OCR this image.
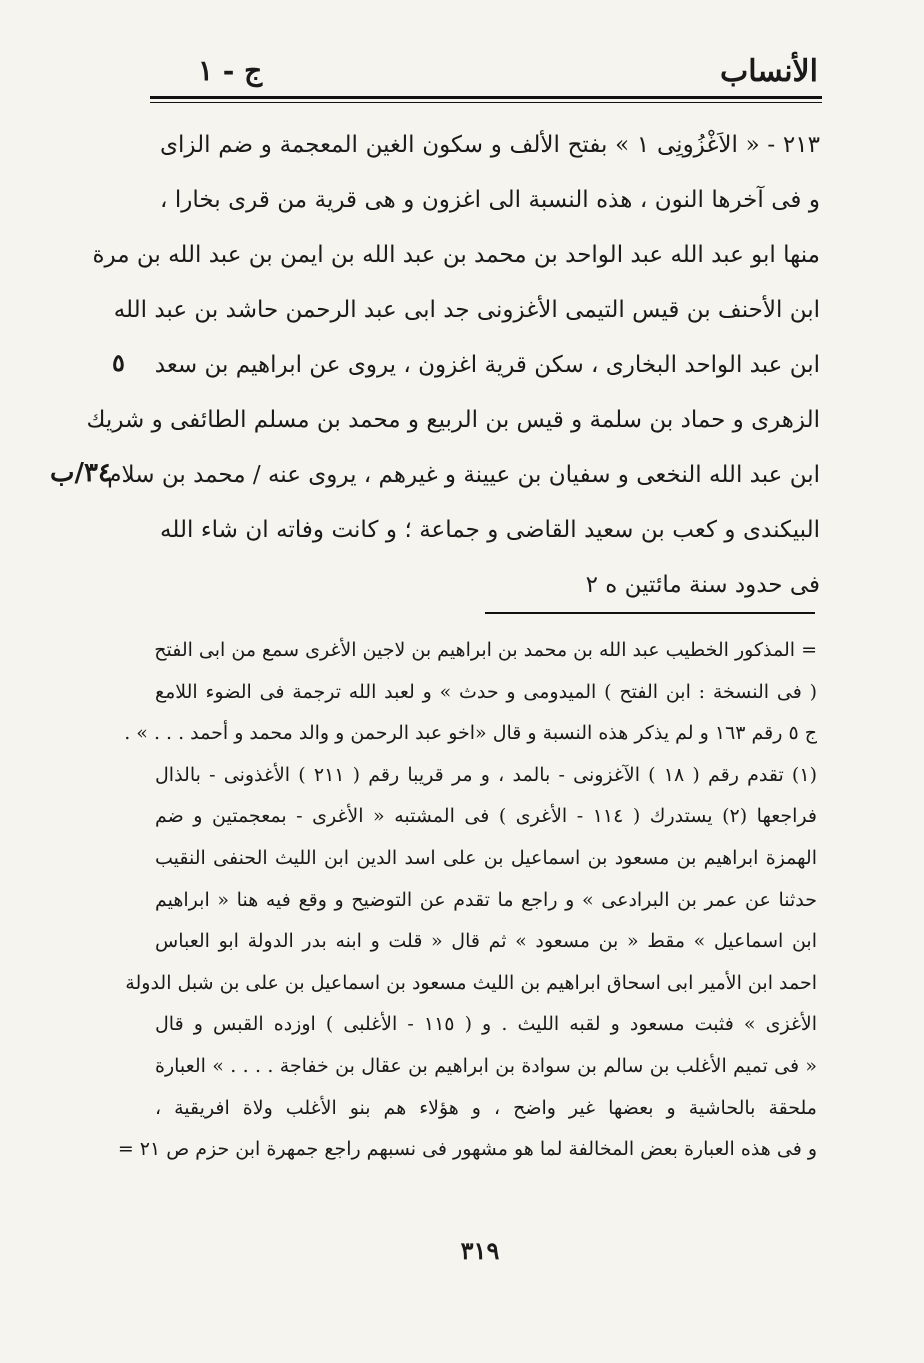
الأنساب
ج - ١
٢١٣ - « الاَغْزُونِى ١ » بفتح الألف و سكون الغين المعجمة و ضم الزاى
و فى آخرها النون ، هذه النسبة الى اغزون و هى قرية من قرى بخارا ،
منها ابو عبد الله عبد الواحد بن محمد بن عبد الله بن ايمن بن عبد الله بن مرة
ابن الأحنف بن قيس التيمى الأغزونى جد ابى عبد الرحمن حاشد بن عبد الله
ابن عبد الواحد البخارى ، سكن قرية اغزون ، يروى عن ابراهيم بن سعد
الزهرى و حماد بن سلمة و قيس بن الربيع و محمد بن مسلم الطائفى و شريك
ابن عبد الله النخعى و سفيان بن عيينة و غيرهم ، يروى عنه / محمد بن سلام
البيكندى و كعب بن سعيد القاضى و جماعة ؛ و كانت وفاته ان شاء الله
فى حدود سنة مائتين ه ٢
٥
٣٤/ب
= المذكور الخطيب عبد الله بن محمد بن ابراهيم بن لاجين الأغرى سمع من ابى الفتح
( فى النسخة : ابن الفتح ) الميدومى و حدث » و لعبد الله ترجمة فى الضوء اللامع
ج ٥ رقم ١٦٣ و لم يذكر هذه النسبة و قال «اخو عبد الرحمن و والد محمد و أحمد . . . » .
(١) تقدم رقم ( ١٨ ) الآغزونى - بالمد ، و مر قريبا رقم ( ٢١١ ) الأغذونى - بالذال
فراجعها (٢) يستدرك ( ١١٤ - الأغرى ) فى المشتبه « الأغرى - بمعجمتين و ضم
الهمزة ابراهيم بن مسعود بن اسماعيل بن على اسد الدين ابن الليث الحنفى النقيب
حدثنا عن عمر بن البرادعى » و راجع ما تقدم عن التوضيح و وقع فيه هنا « ابراهيم
ابن اسماعيل » مقط « بن مسعود » ثم قال « قلت و ابنه بدر الدولة ابو العباس
احمد ابن الأمير ابى اسحاق ابراهيم بن الليث مسعود بن اسماعيل بن على بن شبل الدولة
الأغزى » فثبت مسعود و لقبه الليث . و ( ١١٥ - الأغلبى ) اوزده القبس و قال
« فى تميم الأغلب بن سالم بن سوادة بن ابراهيم بن عقال بن خفاجة . . . . » العبارة
ملحقة بالحاشية و بعضها غير واضح ، و هؤلاء هم بنو الأغلب ولاة افريقية ،
و فى هذه العبارة بعض المخالفة لما هو مشهور فى نسبهم راجع جمهرة ابن حزم ص ٢١ =
٣١٩
